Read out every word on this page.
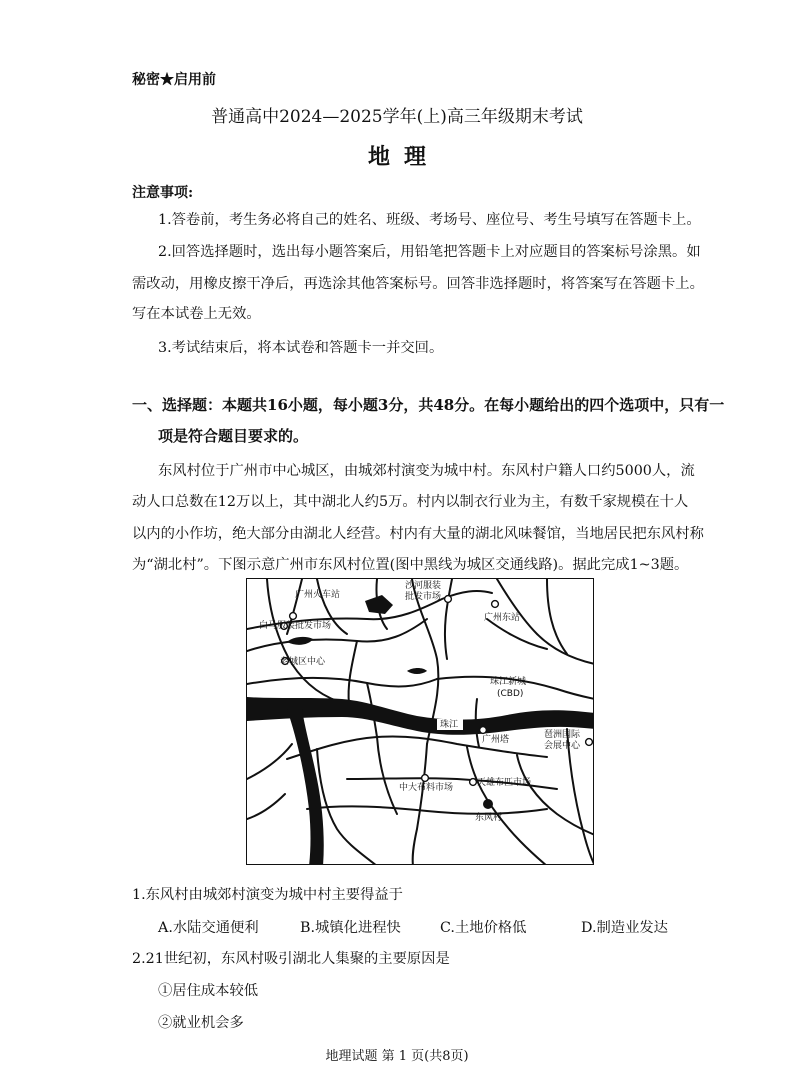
秘密★启用前
普通高中2024—2025学年(上)高三年级期末考试
地理
注意事项:
1.答卷前，考生务必将自己的姓名、班级、考场号、座位号、考生号填写在答题卡上。
2.回答选择题时，选出每小题答案后，用铅笔把答题卡上对应题目的答案标号涂黑。如
需改动，用橡皮擦干净后，再选涂其他答案标号。回答非选择题时，将答案写在答题卡上。
写在本试卷上无效。
3.考试结束后，将本试卷和答题卡一并交回。
一、选择题：本题共16小题，每小题3分，共48分。在每小题给出的四个选项中，只有一
项是符合题目要求的。
东风村位于广州市中心城区，由城郊村演变为城中村。东风村户籍人口约5000人，流
动人口总数在12万以上，其中湖北人约5万。村内以制衣行业为主，有数千家规模在十人
以内的小作坊，绝大部分由湖北人经营。村内有大量的湖北风味餐馆，当地居民把东风村称
为“湖北村”。下图示意广州市东风村位置(图中黑线为城区交通线路)。据此完成1~3题。
广州火车站
沙河服装
批发市场
广州东站
白马服装批发市场
老城区中心
珠江新城
(CBD)
珠江
广州塔	琶洲国际
会展中心
中大布料市场	天雄布匹市场
东风村
1.东风村由城郊村演变为城中村主要得益于
A.水陆交通便利	B.城镇化进程快	C.土地价格低	D.制造业发达
2.21世纪初，东风村吸引湖北人集聚的主要原因是
①居住成本较低
②就业机会多
地理试题 第 1 页(共8页)
